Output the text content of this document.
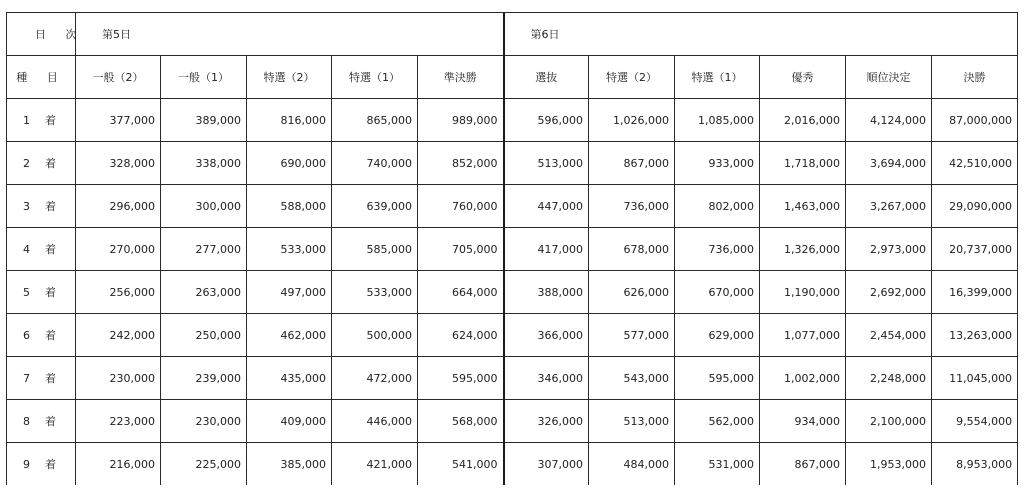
日 次	第5日					第6日					
種 目	一般（2）	一般（1）	特選（2）	特選（1）	準決勝	選抜	特選（2）	特選（1）	優秀	順位決定	決勝
1 着	377,000	389,000	816,000	865,000	989,000	596,000	1,026,000	1,085,000	2,016,000	4,124,000	87,000,000
2 着	328,000	338,000	690,000	740,000	852,000	513,000	867,000	933,000	1,718,000	3,694,000	42,510,000
3 着	296,000	300,000	588,000	639,000	760,000	447,000	736,000	802,000	1,463,000	3,267,000	29,090,000
4 着	270,000	277,000	533,000	585,000	705,000	417,000	678,000	736,000	1,326,000	2,973,000	20,737,000
5 着	256,000	263,000	497,000	533,000	664,000	388,000	626,000	670,000	1,190,000	2,692,000	16,399,000
6 着	242,000	250,000	462,000	500,000	624,000	366,000	577,000	629,000	1,077,000	2,454,000	13,263,000
7 着	230,000	239,000	435,000	472,000	595,000	346,000	543,000	595,000	1,002,000	2,248,000	11,045,000
8 着	223,000	230,000	409,000	446,000	568,000	326,000	513,000	562,000	934,000	2,100,000	9,554,000
9 着	216,000	225,000	385,000	421,000	541,000	307,000	484,000	531,000	867,000	1,953,000	8,953,000
